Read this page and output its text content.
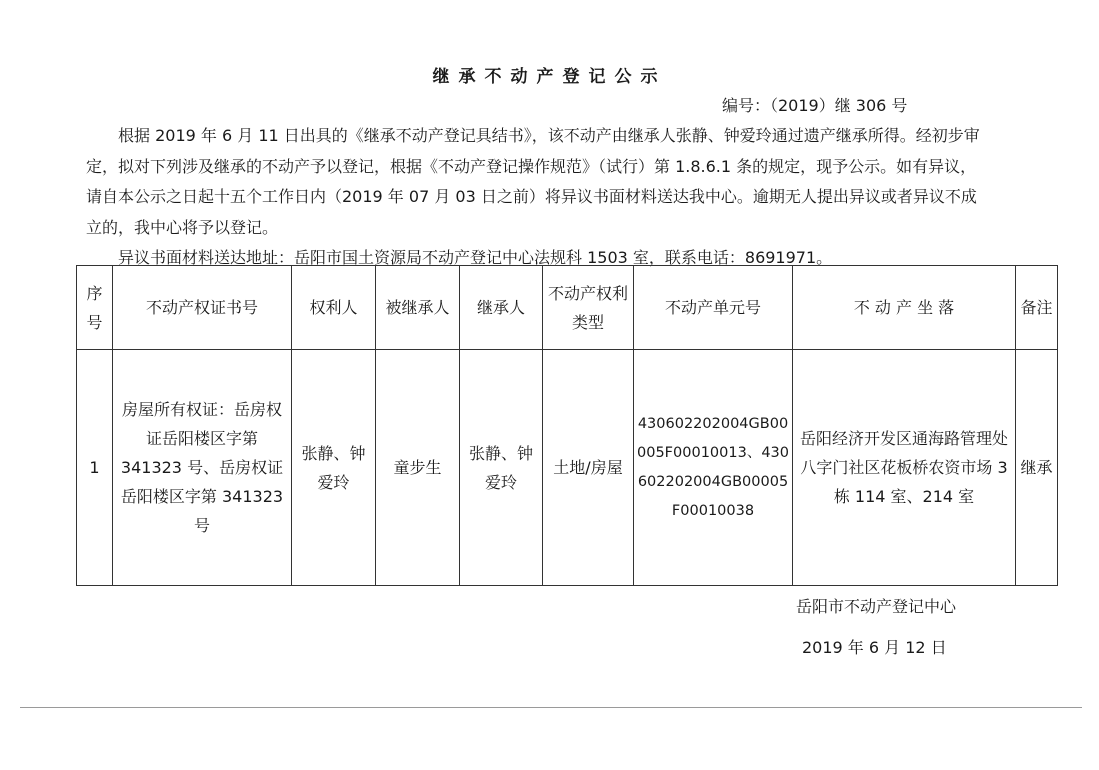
继承不动产登记公示
编号：（2019）继 306 号

根据 2019 年 6 月 11 日出具的《继承不动产登记具结书》，该不动产由继承人张静、钟爱玲通过遗产继承所得。经初步审定，拟对下列涉及继承的不动产予以登记，根据《不动产登记操作规范》（试行）第 1.8.6.1 条的规定，现予公示。如有异议，请自本公示之日起十五个工作日内（2019 年 07 月 03 日之前）将异议书面材料送达我中心。逾期无人提出异议或者异议不成立的，我中心将予以登记。

异议书面材料送达地址：岳阳市国土资源局不动产登记中心法规科 1503 室，联系电话：8691971。

序号	不动产权证书号	权利人	被继承人	继承人	不动产权利类型	不动产单元号	不 动 产 坐 落	备注
1	房屋所有权证：岳房权证岳阳楼区字第 341323 号、岳房权证岳阳楼区字第 341323 号	张静、钟爱玲	童步生	张静、钟爱玲	土地/房屋	430602202004GB00005F00010013、430602202004GB00005F00010038	岳阳经济开发区通海路管理处八字门社区花板桥农资市场 3 栋 114 室、214 室	继承
岳阳市不动产登记中心
2019 年 6 月 12 日
